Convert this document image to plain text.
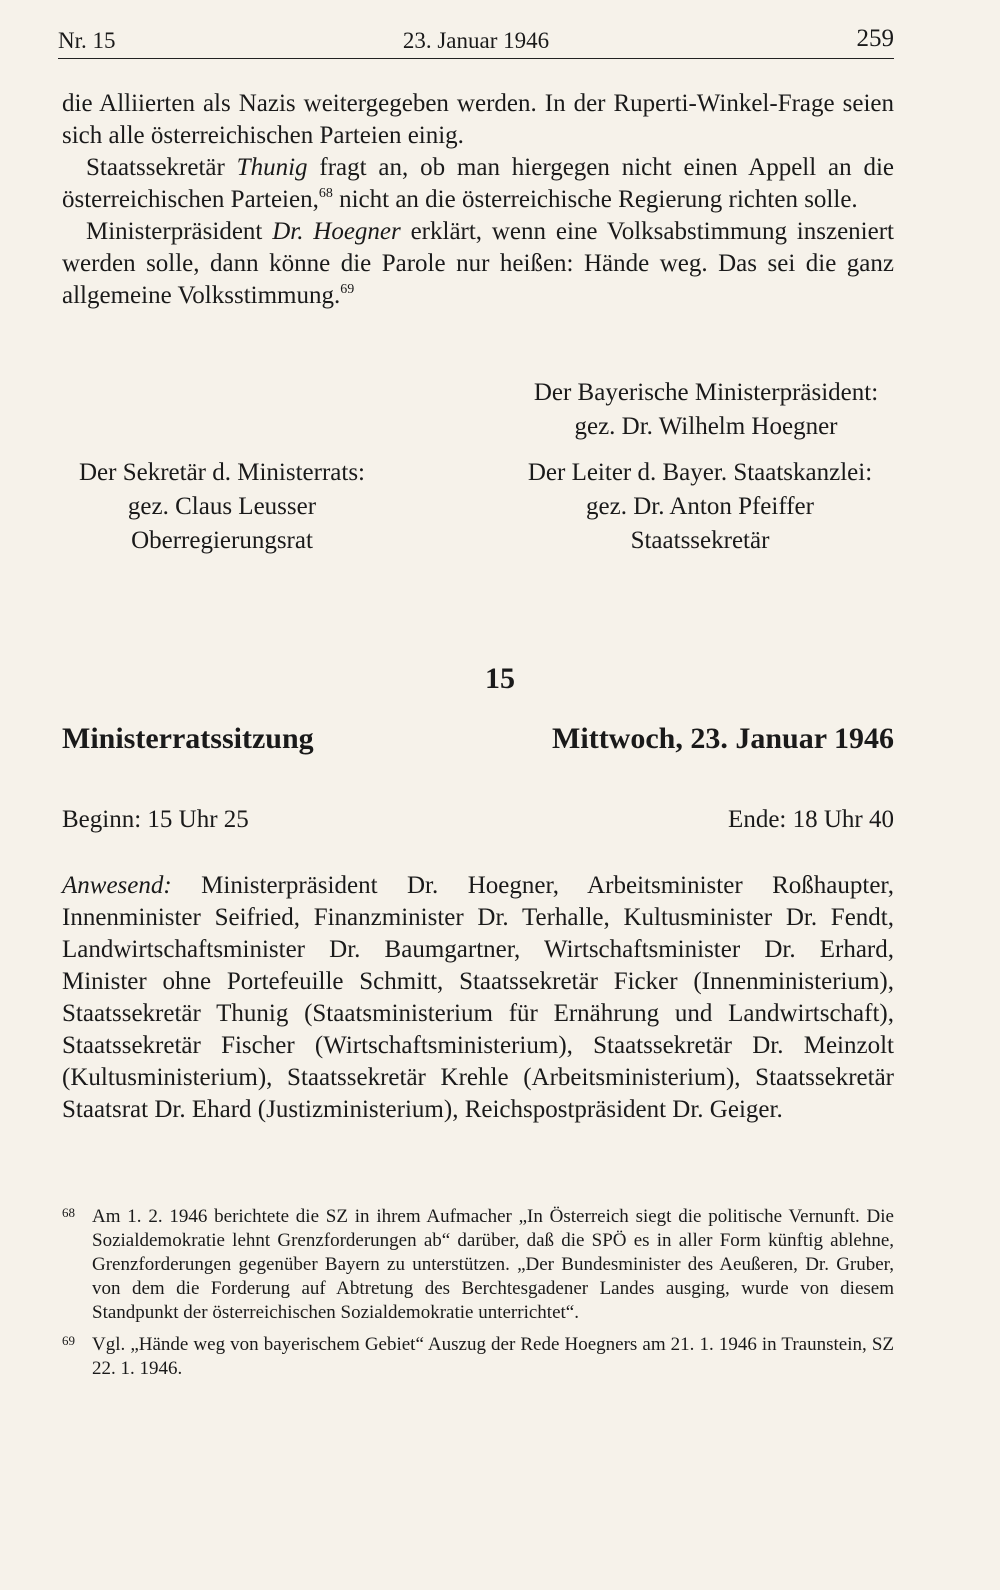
Nr. 15	23. Januar 1946	259

die Alliierten als Nazis weitergegeben werden. In der Ruperti-Winkel-Frage seien sich alle österreichischen Parteien einig.

Staatssekretär Thunig fragt an, ob man hiergegen nicht einen Appell an die österreichischen Parteien,$^{68}$ nicht an die österreichische Regierung richten solle.

Ministerpräsident Dr. Hoegner erklärt, wenn eine Volksabstimmung inszeniert werden solle, dann könne die Parole nur heißen: Hände weg. Das sei die ganz allgemeine Volksstimmung.$^{69}$

Der Bayerische Ministerpräsident:
gez. Dr. Wilhelm Hoegner
Der Sekretär d. Ministerrats:
gez. Claus Leusser
Oberregierungsrat
Der Leiter d. Bayer. Staatskanzlei:
gez. Dr. Anton Pfeiffer
Staatssekretär
15
Ministerratssitzung	Mittwoch, 23. Januar 1946
Beginn: 15 Uhr 25	Ende: 18 Uhr 40

Anwesend: Ministerpräsident Dr. Hoegner, Arbeitsminister Roßhaupter, Innenminister Seifried, Finanzminister Dr. Terhalle, Kultusminister Dr. Fendt, Landwirtschaftsminister Dr. Baumgartner, Wirtschaftsminister Dr. Erhard, Minister ohne Portefeuille Schmitt, Staatssekretär Ficker (Innenministerium), Staatssekretär Thunig (Staatsministerium für Ernährung und Landwirtschaft), Staatssekretär Fischer (Wirtschaftsministerium), Staatssekretär Dr. Meinzolt (Kultusministerium), Staatssekretär Krehle (Arbeitsministerium), Staatssekretär Staatsrat Dr. Ehard (Justizministerium), Reichspostpräsident Dr. Geiger.

68 Am 1. 2. 1946 berichtete die SZ in ihrem Aufmacher „In Österreich siegt die politische Vernunft. Die Sozialdemokratie lehnt Grenzforderungen ab“ darüber, daß die SPÖ es in aller Form künftig ablehne, Grenzforderungen gegenüber Bayern zu unterstützen. „Der Bundesminister des Aeußeren, Dr. Gruber, von dem die Forderung auf Abtretung des Berchtesgadener Landes ausging, wurde von diesem Standpunkt der österreichischen Sozialdemokratie unterrichtet“.
69 Vgl. „Hände weg von bayerischem Gebiet“ Auszug der Rede Hoegners am 21. 1. 1946 in Traunstein, SZ 22. 1. 1946.
